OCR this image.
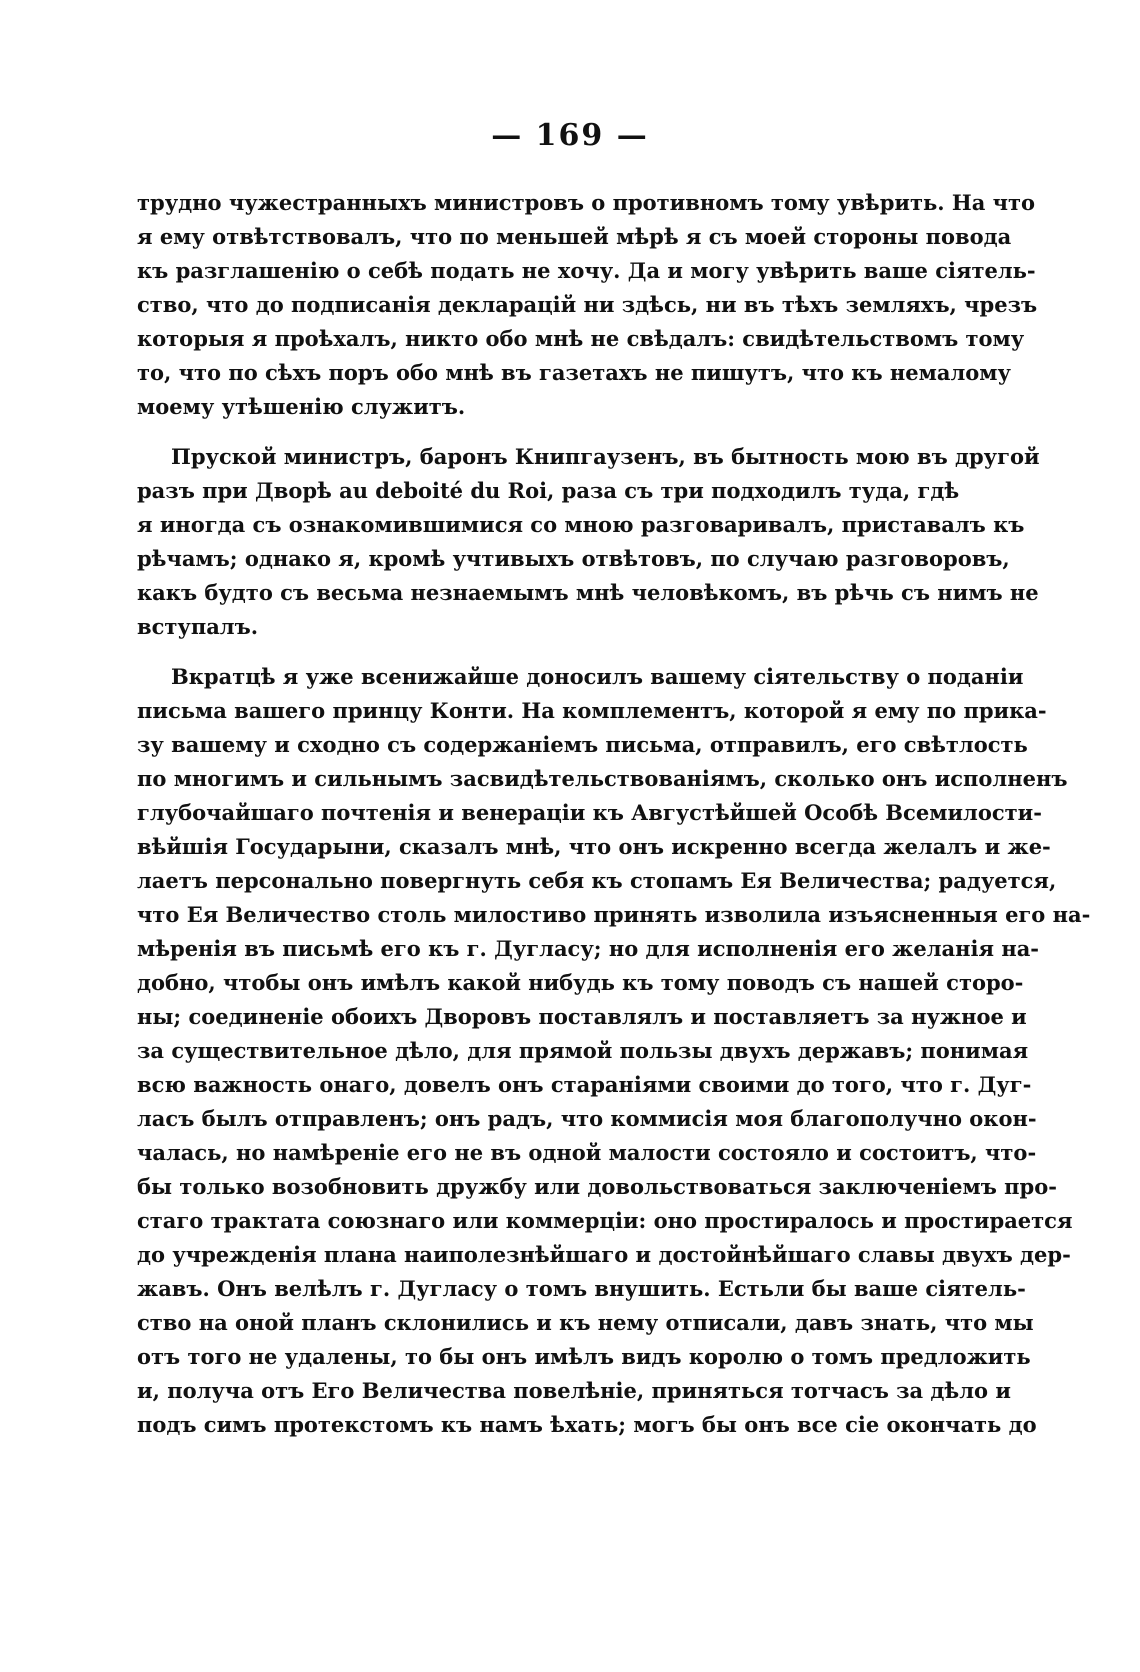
— 169 —
трудно чужестранныхъ министровъ о противномъ тому увѣрить. На что
я ему отвѣтствовалъ, что по меньшей мѣрѣ я съ моей стороны повода
къ разглашенію о себѣ подать не хочу. Да и могу увѣрить ваше сіятель-
ство, что до подписанія декларацій ни здѣсь, ни въ тѣхъ земляхъ, чрезъ
которыя я проѣхалъ, никто обо мнѣ не свѣдалъ: свидѣтельствомъ тому
то, что по сѣхъ поръ обо мнѣ въ газетахъ не пишутъ, что къ немалому
моему утѣшенію служитъ.
Пруской министръ, баронъ Книпгаузенъ, въ бытность мою въ другой
разъ при Дворѣ au deboité du Roi, раза съ три подходилъ туда, гдѣ
я иногда съ ознакомившимися со мною разговаривалъ, приставалъ къ
рѣчамъ; однако я, кромѣ учтивыхъ отвѣтовъ, по случаю разговоровъ,
какъ будто съ весьма незнаемымъ мнѣ человѣкомъ, въ рѣчь съ нимъ не
вступалъ.
Вкратцѣ я уже всенижайше доносилъ вашему сіятельству о поданіи
письма вашего принцу Конти. На комплементъ, которой я ему по прика-
зу вашему и сходно съ содержаніемъ письма, отправилъ, его свѣтлость
по многимъ и сильнымъ засвидѣтельствованіямъ, сколько онъ исполненъ
глубочайшаго почтенія и венераціи къ Августѣйшей Особѣ Всемилости-
вѣйшія Государыни, сказалъ мнѣ, что онъ искренно всегда желалъ и же-
лаетъ персонально повергнуть себя къ стопамъ Ея Величества; радуется,
что Ея Величество столь милостиво принять изволила изъясненныя его на-
мѣренія въ письмѣ его къ г. Дугласу; но для исполненія его желанія на-
добно, чтобы онъ имѣлъ какой нибудь къ тому поводъ съ нашей сторо-
ны; соединеніе обоихъ Дворовъ поставлялъ и поставляетъ за нужное и
за существительное дѣло, для прямой пользы двухъ державъ; понимая
всю важность онаго, довелъ онъ стараніями своими до того, что г. Дуг-
ласъ былъ отправленъ; онъ радъ, что коммисія моя благополучно окон-
чалась, но намѣреніе его не въ одной малости состояло и состоитъ, что-
бы только возобновить дружбу или довольствоваться заключеніемъ про-
стаго трактата союзнаго или коммерціи: оно простиралось и простирается
до учрежденія плана наиполезнѣйшаго и достойнѣйшаго славы двухъ дер-
жавъ. Онъ велѣлъ г. Дугласу о томъ внушить. Естьли бы ваше сіятель-
ство на оной планъ склонились и къ нему отписали, давъ знать, что мы
отъ того не удалены, то бы онъ имѣлъ видъ королю о томъ предложить
и, получа отъ Его Величества повелѣніе, приняться тотчасъ за дѣло и
подъ симъ протекстомъ къ намъ ѣхать; могъ бы онъ все сіе окончать до
